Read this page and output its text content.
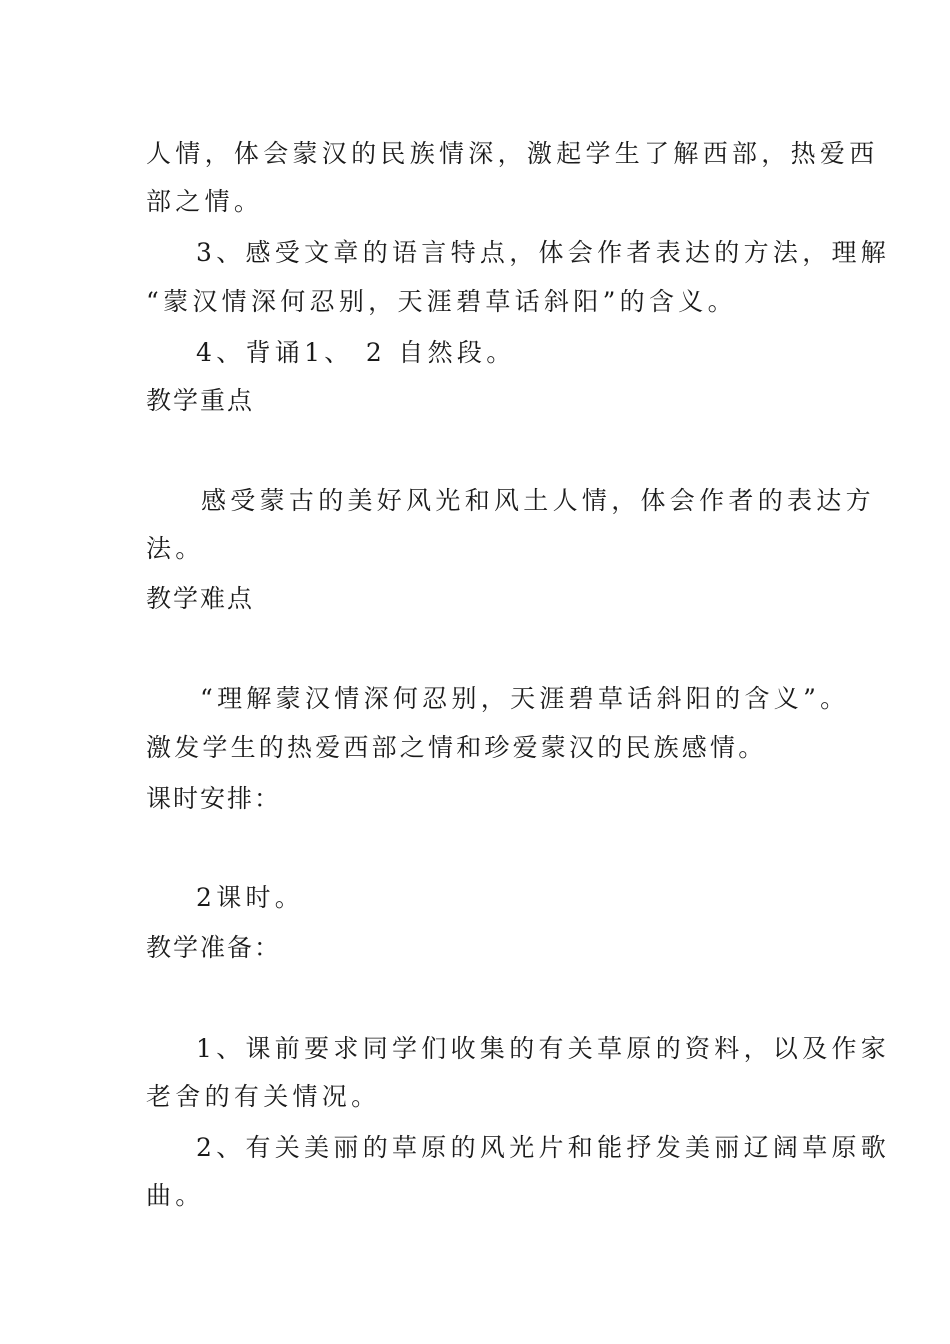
人情，体会蒙汉的民族情深，激起学生了解西部，热爱西
部之情。
3、感受文章的语言特点，体会作者表达的方法，理解
“蒙汉情深何忍别，天涯碧草话斜阳”的含义。
4、背诵1、 2 自然段。
教学重点
感受蒙古的美好风光和风土人情，体会作者的表达方
法。
教学难点
“理解蒙汉情深何忍别，天涯碧草话斜阳的含义”。
激发学生的热爱西部之情和珍爱蒙汉的民族感情。
课时安排：
2课时。
教学准备：
1、课前要求同学们收集的有关草原的资料，以及作家
老舍的有关情况。
2、有关美丽的草原的风光片和能抒发美丽辽阔草原歌
曲。
